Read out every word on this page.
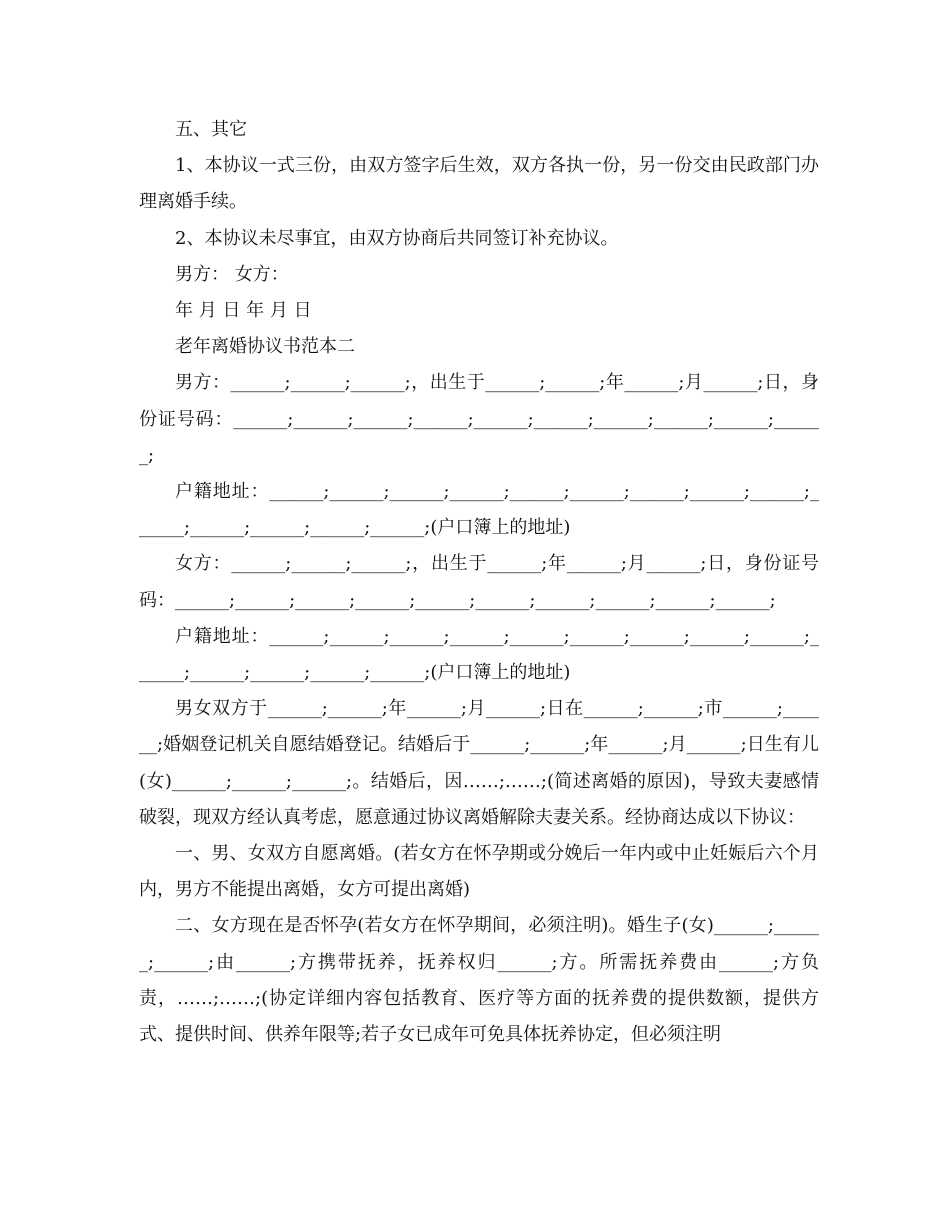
五、其它

1、本协议一式三份，由双方签字后生效，双方各执一份，另一份交由民政部门办理离婚手续。

2、本协议未尽事宜，由双方协商后共同签订补充协议。

男方： 女方：

年 月 日 年 月 日

老年离婚协议书范本二

男方：______;______;______;，出生于______;______;年______;月______;日，身份证号码：______;______;______;______;______;______;______;______;______;______;

户籍地址：______;______;______;______;______;______;______;______;______;______;______;______;______;______;(户口簿上的地址)

女方：______;______;______;，出生于______;年______;月______;日，身份证号码：______;______;______;______;______;______;______;______;______;______;

户籍地址：______;______;______;______;______;______;______;______;______;______;______;______;______;______;(户口簿上的地址)

男女双方于______;______;年______;月______;日在______;______;市______;______;婚姻登记机关自愿结婚登记。结婚后于______;______;年______;月______;日生有儿(女)______;______;______;。结婚后，因……;……;(简述离婚的原因)，导致夫妻感情破裂，现双方经认真考虑，愿意通过协议离婚解除夫妻关系。经协商达成以下协议：

一、男、女双方自愿离婚。(若女方在怀孕期或分娩后一年内或中止妊娠后六个月内，男方不能提出离婚，女方可提出离婚)

二、女方现在是否怀孕(若女方在怀孕期间，必须注明)。婚生子(女)______;______;______;由______;方携带抚养，抚养权归______;方。所需抚养费由______;方负责，……;……;(协定详细内容包括教育、医疗等方面的抚养费的提供数额，提供方式、提供时间、供养年限等;若子女已成年可免具体抚养协定，但必须注明
